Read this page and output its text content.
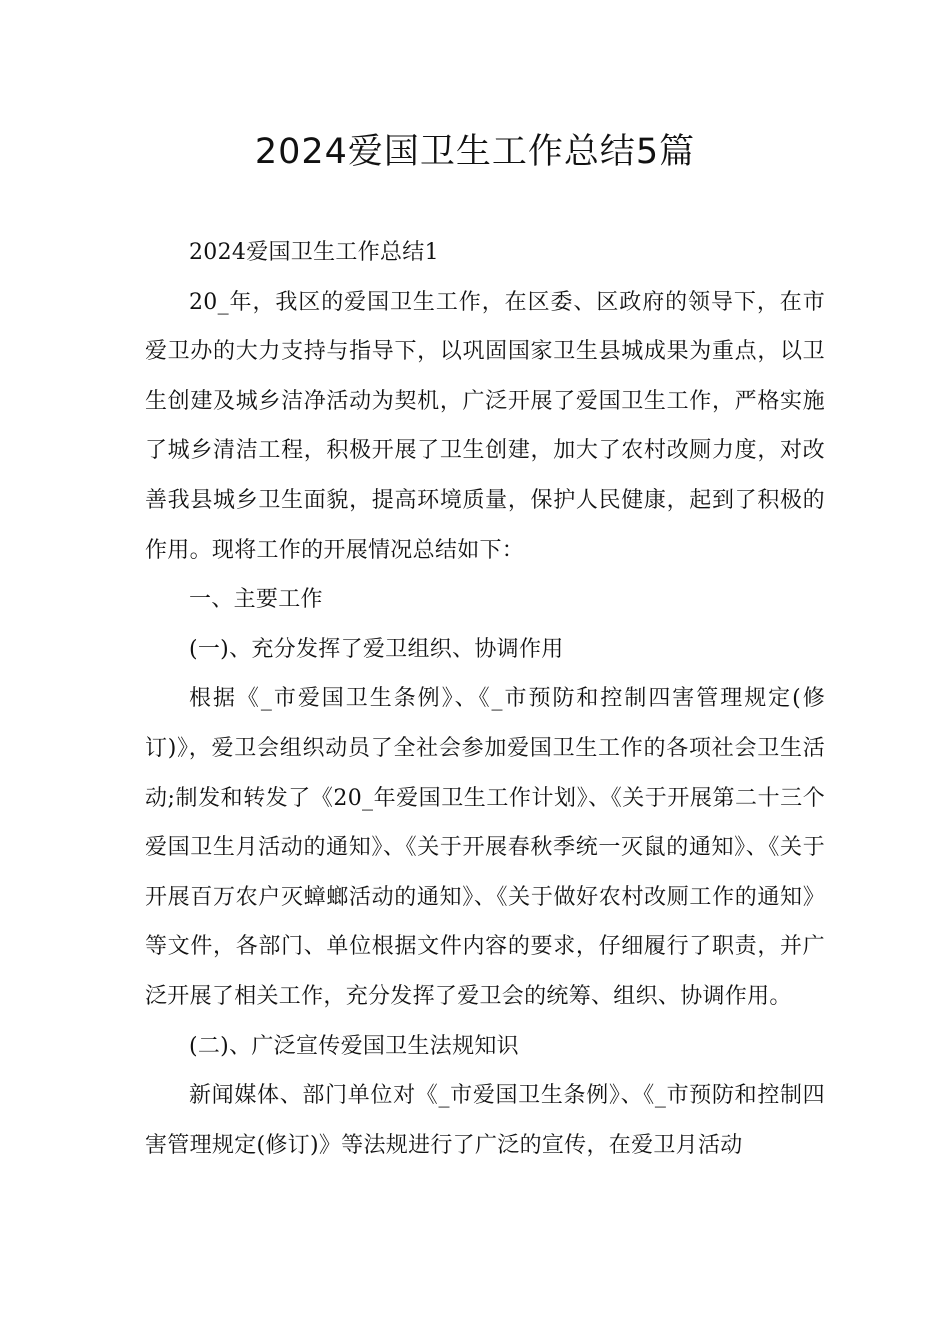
2024爱国卫生工作总结5篇

2024爱国卫生工作总结1

20_年，我区的爱国卫生工作，在区委、区政府的领导下，在市爱卫办的大力支持与指导下，以巩固国家卫生县城成果为重点，以卫生创建及城乡洁净活动为契机，广泛开展了爱国卫生工作，严格实施了城乡清洁工程，积极开展了卫生创建，加大了农村改厕力度，对改善我县城乡卫生面貌，提高环境质量，保护人民健康，起到了积极的作用。现将工作的开展情况总结如下：

一、主要工作

(一)、充分发挥了爱卫组织、协调作用

根据《_市爱国卫生条例》、《_市预防和控制四害管理规定(修订)》，爱卫会组织动员了全社会参加爱国卫生工作的各项社会卫生活动;制发和转发了《20_年爱国卫生工作计划》、《关于开展第二十三个爱国卫生月活动的通知》、《关于开展春秋季统一灭鼠的通知》、《关于开展百万农户灭蟑螂活动的通知》、《关于做好农村改厕工作的通知》等文件，各部门、单位根据文件内容的要求，仔细履行了职责，并广泛开展了相关工作，充分发挥了爱卫会的统筹、组织、协调作用。

(二)、广泛宣传爱国卫生法规知识

新闻媒体、部门单位对《_市爱国卫生条例》、《_市预防和控制四害管理规定(修订)》等法规进行了广泛的宣传，在爱卫月活动
